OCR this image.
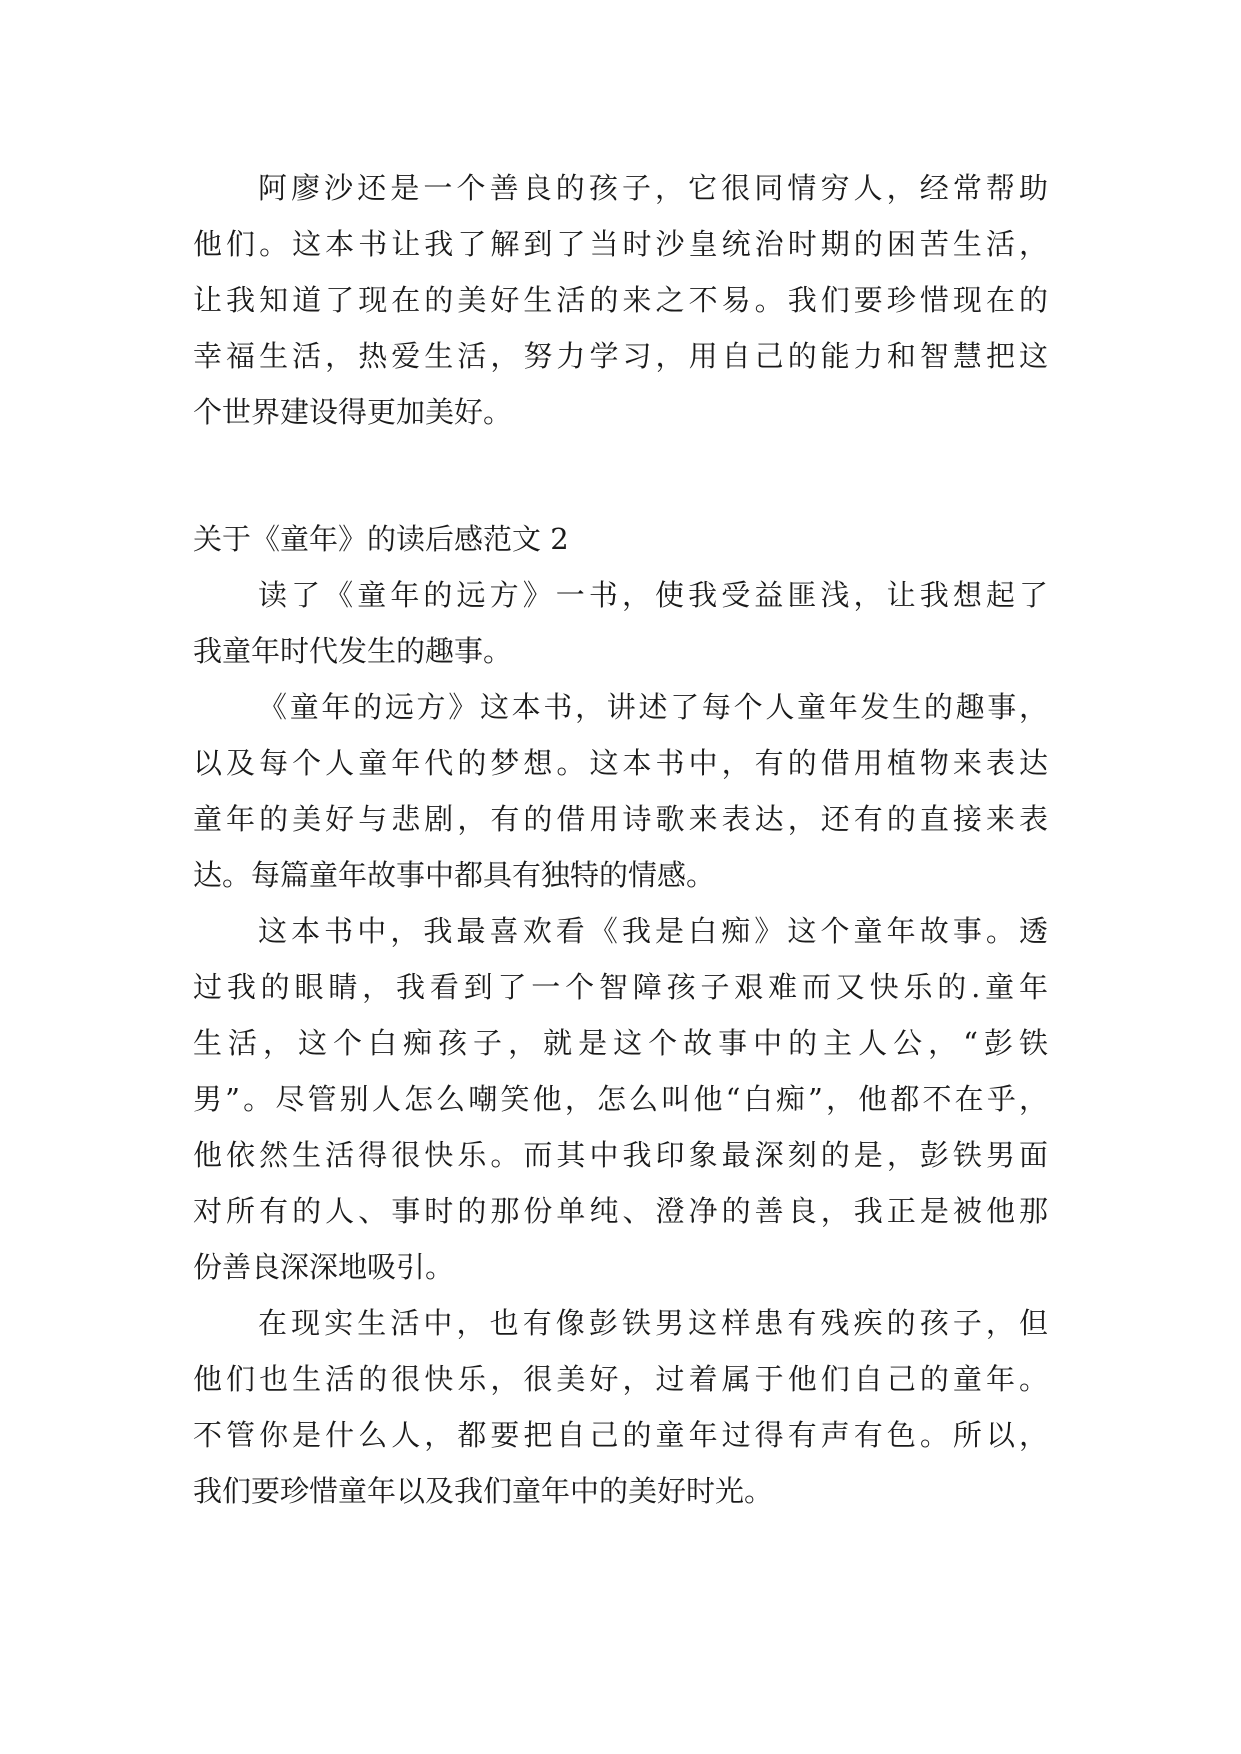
阿廖沙还是一个善良的孩子，它很同情穷人，经常帮助
他们。这本书让我了解到了当时沙皇统治时期的困苦生活，
让我知道了现在的美好生活的来之不易。我们要珍惜现在的
幸福生活，热爱生活，努力学习，用自己的能力和智慧把这
个世界建设得更加美好。
关于《童年》的读后感范文 2
读了《童年的远方》一书，使我受益匪浅，让我想起了
我童年时代发生的趣事。
《童年的远方》这本书，讲述了每个人童年发生的趣事，
以及每个人童年代的梦想。这本书中，有的借用植物来表达
童年的美好与悲剧，有的借用诗歌来表达，还有的直接来表
达。每篇童年故事中都具有独特的情感。
这本书中，我最喜欢看《我是白痴》这个童年故事。透
过我的眼睛，我看到了一个智障孩子艰难而又快乐的.童年
生活，这个白痴孩子，就是这个故事中的主人公，“彭铁
男”。尽管别人怎么嘲笑他，怎么叫他“白痴”，他都不在乎，
他依然生活得很快乐。而其中我印象最深刻的是，彭铁男面
对所有的人、事时的那份单纯、澄净的善良，我正是被他那
份善良深深地吸引。
在现实生活中，也有像彭铁男这样患有残疾的孩子，但
他们也生活的很快乐，很美好，过着属于他们自己的童年。
不管你是什么人，都要把自己的童年过得有声有色。所以，
我们要珍惜童年以及我们童年中的美好时光。
